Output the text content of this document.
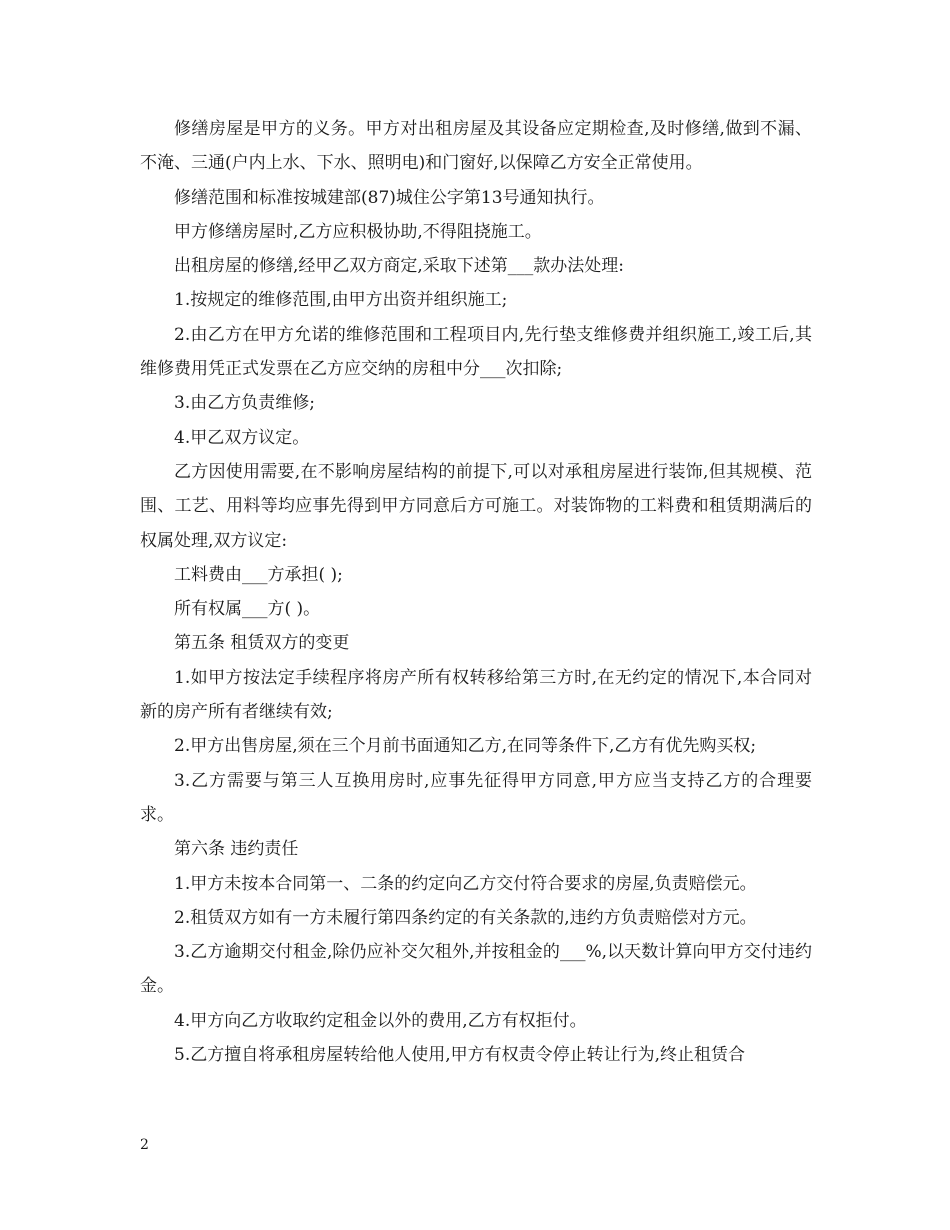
修缮房屋是甲方的义务。甲方对出租房屋及其设备应定期检查,及时修缮,做到不漏、不淹、三通(户内上水、下水、照明电)和门窗好,以保障乙方安全正常使用。

修缮范围和标准按城建部(87)城住公字第13号通知执行。

甲方修缮房屋时,乙方应积极协助,不得阻挠施工。

出租房屋的修缮,经甲乙双方商定,采取下述第___款办法处理:

1.按规定的维修范围,由甲方出资并组织施工;

2.由乙方在甲方允诺的维修范围和工程项目内,先行垫支维修费并组织施工,竣工后,其维修费用凭正式发票在乙方应交纳的房租中分___次扣除;

3.由乙方负责维修;

4.甲乙双方议定。

乙方因使用需要,在不影响房屋结构的前提下,可以对承租房屋进行装饰,但其规模、范围、工艺、用料等均应事先得到甲方同意后方可施工。对装饰物的工料费和租赁期满后的权属处理,双方议定:

工料费由___方承担( );

所有权属___方( )。

第五条 租赁双方的变更

1.如甲方按法定手续程序将房产所有权转移给第三方时,在无约定的情况下,本合同对新的房产所有者继续有效;

2.甲方出售房屋,须在三个月前书面通知乙方,在同等条件下,乙方有优先购买权;

3.乙方需要与第三人互换用房时,应事先征得甲方同意,甲方应当支持乙方的合理要求。

第六条 违约责任

1.甲方未按本合同第一、二条的约定向乙方交付符合要求的房屋,负责赔偿元。

2.租赁双方如有一方未履行第四条约定的有关条款的,违约方负责赔偿对方元。

3.乙方逾期交付租金,除仍应补交欠租外,并按租金的___%,以天数计算向甲方交付违约金。

4.甲方向乙方收取约定租金以外的费用,乙方有权拒付。

5.乙方擅自将承租房屋转给他人使用,甲方有权责令停止转让行为,终止租赁合

2
